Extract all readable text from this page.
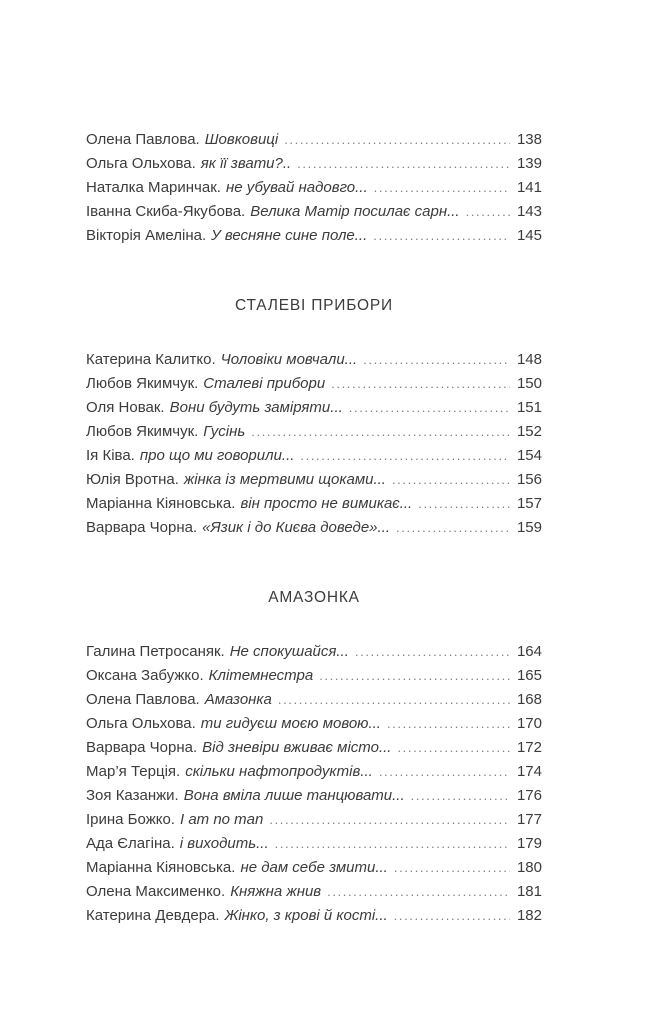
Олена Павлова. Шовковиці .....	138
Ольга Ольхова. як її звати?.. .....	139
Наталка Маринчак. не убувай надовго... .....	141
Іванна Скиба-Якубова. Велика Матір посилає сарн... .....	143
Вікторія Амеліна. У весняне сине поле... .....	145
СТАЛЕВІ ПРИБОРИ
Катерина Калитко. Чоловіки мовчали... .....	148
Любов Якимчук. Сталеві прибори .....	150
Оля Новак. Вони будуть заміряти... .....	151
Любов Якимчук. Гусінь .....	152
Ія Ківа. про що ми говорили... .....	154
Юлія Вротна. жінка із мертвими щоками... .....	156
Маріанна Кіяновська. він просто не вимикає... .....	157
Варвара Чорна. «Язик і до Києва доведе»... .....	159
АМАЗОНКА
Галина Петросаняк. Не спокушайся... .....	164
Оксана Забужко. Клітемнестра .....	165
Олена Павлова. Амазонка .....	168
Ольга Ольхова. ти гидуєш моєю мовою... .....	170
Варвара Чорна. Від зневіри вживає місто... .....	172
Мар’я Терція. скільки нафтопродуктів... .....	174
Зоя Казанжи. Вона вміла лише танцювати... .....	176
Ірина Божко. I am no man .....	177
Ада Єлагіна. і виходить... .....	179
Маріанна Кіяновська. не дам себе змити... .....	180
Олена Максименко. Княжна жнив .....	181
Катерина Девдера. Жінко, з крові й кості... .....	182
